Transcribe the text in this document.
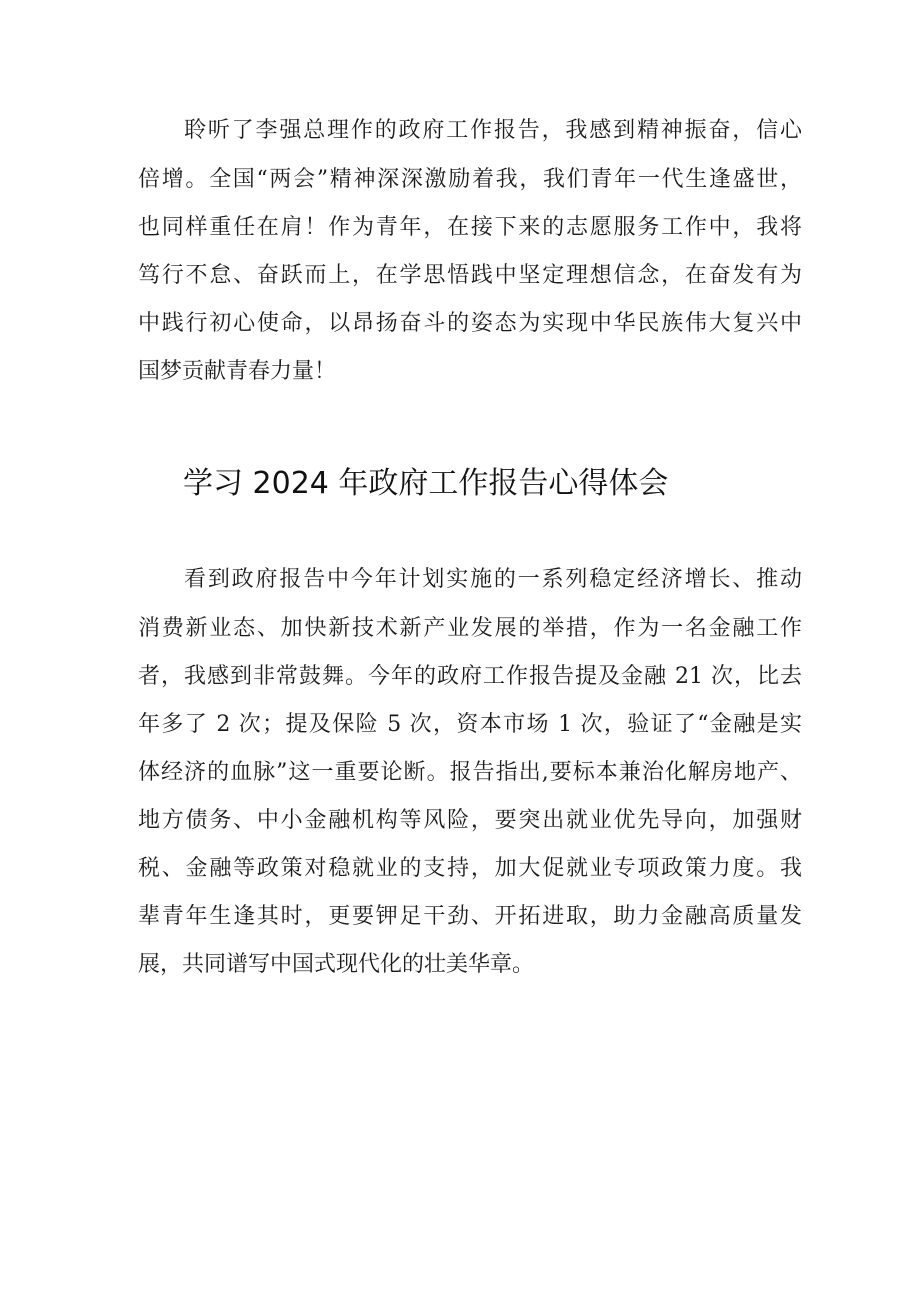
聆听了李强总理作的政府工作报告，我感到精神振奋，信心
倍增。全国“两会”精神深深激励着我，我们青年一代生逢盛世，
也同样重任在肩！作为青年，在接下来的志愿服务工作中，我将
笃行不怠、奋跃而上，在学思悟践中坚定理想信念，在奋发有为
中践行初心使命，以昂扬奋斗的姿态为实现中华民族伟大复兴中
国梦贡献青春力量！
学习 2024 年政府工作报告心得体会
看到政府报告中今年计划实施的一系列稳定经济增长、推动
消费新业态、加快新技术新产业发展的举措，作为一名金融工作
者，我感到非常鼓舞。今年的政府工作报告提及金融 21 次，比去
年多了 2 次；提及保险 5 次，资本市场 1 次，验证了“金融是实
体经济的血脉”这一重要论断。报告指出,要标本兼治化解房地产、
地方债务、中小金融机构等风险，要突出就业优先导向，加强财
税、金融等政策对稳就业的支持，加大促就业专项政策力度。我
辈青年生逢其时，更要钾足干劲、开拓进取，助力金融高质量发
展，共同谱写中国式现代化的壮美华章。
